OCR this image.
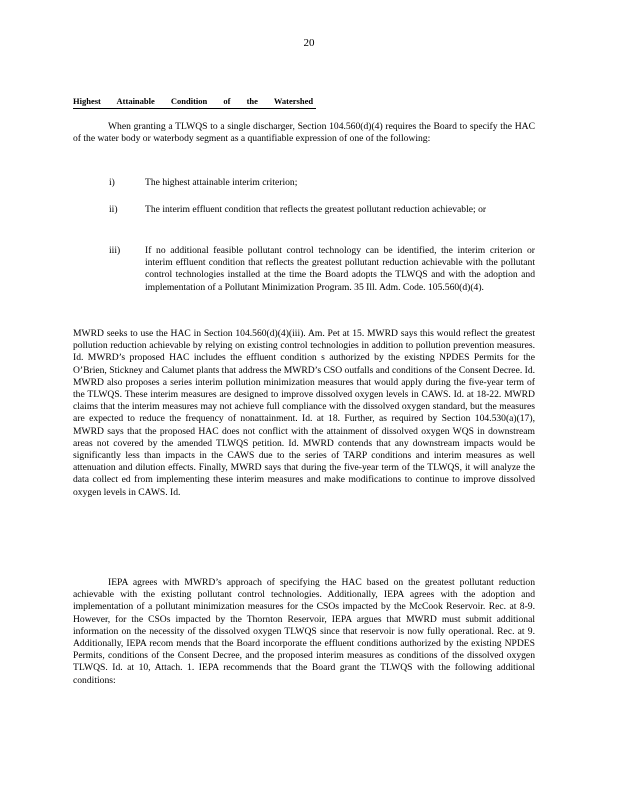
20
Highest Attainable Condition of the Watershed

When granting a TLWQS to a single discharger, Section 104.560(d)(4) requires the Board to specify the HAC of the water body or waterbody segment as a quantifiable expression of one of the following:

i)	The highest attainable interim criterion;
ii)	The interim effluent condition that reflects the greatest pollutant reduction achievable; or
iii)	If no additional feasible pollutant control technology can be identified, the interim criterion or interim effluent condition that reflects the greatest pollutant reduction achievable with the pollutant control technologies installed at the time the Board adopts the TLWQS and with the adoption and implementation of a Pollutant Minimization Program. 35 Ill. Adm. Code. 105.560(d)(4).

MWRD seeks to use the HAC in Section 104.560(d)(4)(iii). Am. Pet at 15. MWRD says this would reflect the greatest pollution reduction achievable by relying on existing control technologies in addition to pollution prevention measures. Id. MWRD’s proposed HAC includes the effluent condition s authorized by the existing NPDES Permits for the O’Brien, Stickney and Calumet plants that address the MWRD’s CSO outfalls and conditions of the Consent Decree. Id. MWRD also proposes a series interim pollution minimization measures that would apply during the five-year term of the TLWQS. These interim measures are designed to improve dissolved oxygen levels in CAWS. Id. at 18-22. MWRD claims that the interim measures may not achieve full compliance with the dissolved oxygen standard, but the measures are expected to reduce the frequency of nonattainment. Id. at 18. Further, as required by Section 104.530(a)(17), MWRD says that the proposed HAC does not conflict with the attainment of dissolved oxygen WQS in downstream areas not covered by the amended TLWQS petition. Id. MWRD contends that any downstream impacts would be significantly less than impacts in the CAWS due to the series of TARP conditions and interim measures as well attenuation and dilution effects. Finally, MWRD says that during the five-year term of the TLWQS, it will analyze the data collect ed from implementing these interim measures and make modifications to continue to improve dissolved oxygen levels in CAWS. Id.

IEPA agrees with MWRD’s approach of specifying the HAC based on the greatest pollutant reduction achievable with the existing pollutant control technologies. Additionally, IEPA agrees with the adoption and implementation of a pollutant minimization measures for the CSOs impacted by the McCook Reservoir. Rec. at 8-9. However, for the CSOs impacted by the Thornton Reservoir, IEPA argues that MWRD must submit additional information on the necessity of the dissolved oxygen TLWQS since that reservoir is now fully operational. Rec. at 9. Additionally, IEPA recom mends that the Board incorporate the effluent conditions authorized by the existing NPDES Permits, conditions of the Consent Decree, and the proposed interim measures as conditions of the dissolved oxygen TLWQS. Id. at 10, Attach. 1. IEPA recommends that the Board grant the TLWQS with the following additional conditions:
